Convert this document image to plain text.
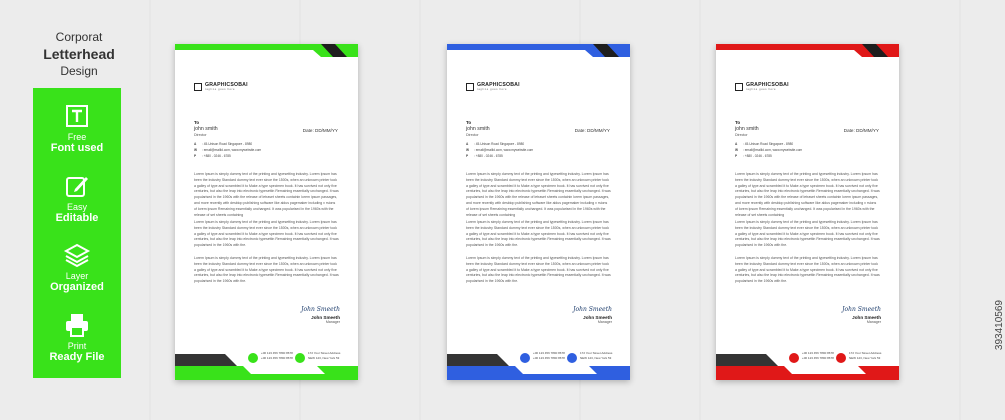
Corporat
Letterhead
Design
Free
Font used
Easy
Editable
Layer
Organized
Print
Ready File
393410569
GRAPHICSOBAI
tagline goes here
To
john smith
Director
Date: DD/MM/YY
A : 45-Unison Road Singapore - 8980
W : email@mailid.com, www.mywebsite.com
P : +880 - 0246 - 6785
Lorem Ipsum is simply dummy text of the printing and typesetting industry. Lorem Ipsum has been the industry Standard dummy text ever since the 1500s, when an unknown printer took a galley of type and scrambled it to Make a type specimen book. It has survived not only five centuries, but also the leap into electronic typesettin Remaining essentially unchanged. It was popularised in the 1960s with the release of letraset sheets containin lorem ipsum passages, and more recently with desktop publishing software like aldus pagemaker including v rsions of lorem ipsum Remaining essentially unchanged. It was popularised in the 1960s with the release of set sheets containing
Lorem Ipsum is simply dummy text of the printing and typesetting industry. Lorem Ipsum has been the industry Standard dummy text ever since the 1500s, when an unknown printer took a galley of type and scrambled it to Make a type specimen book. It has survived not only five centuries, but also the leap into electronic typesettin Remaining essentially unchanged. It was popularised in the 1960s with the.
Lorem Ipsum is simply dummy text of the printing and typesetting industry. Lorem Ipsum has been the industry Standard dummy text ever since the 1500s, when an unknown printer took a galley of type and scrambled it to Make a type specimen book. It has survived not only five centuries, but also the leap into electronic typesettin Remaining essentially unchanged. It was popularised in the 1960s with the.
John Smeeth
John Smeeth
Manager
+00 123 456 7890 8678
+00 123 456 7890 8678
172 Your Street Address
NEW 123, New York 53
GRAPHICSOBAI
tagline goes here
To
john smith
Director
Date: DD/MM/YY
A : 45-Unison Road Singapore - 8980
W : email@mailid.com, www.mywebsite.com
P : +880 - 0246 - 6785
Lorem Ipsum is simply dummy text of the printing and typesetting industry. Lorem Ipsum has been the industry Standard dummy text ever since the 1500s, when an unknown printer took a galley of type and scrambled it to Make a type specimen book. It has survived not only five centuries, but also the leap into electronic typesettin Remaining essentially unchanged. It was popularised in the 1960s with the release of letraset sheets containin lorem ipsum passages, and more recently with desktop publishing software like aldus pagemaker including v rsions of lorem ipsum Remaining essentially unchanged. It was popularised in the 1960s with the release of set sheets containing
Lorem Ipsum is simply dummy text of the printing and typesetting industry. Lorem Ipsum has been the industry Standard dummy text ever since the 1500s, when an unknown printer took a galley of type and scrambled it to Make a type specimen book. It has survived not only five centuries, but also the leap into electronic typesettin Remaining essentially unchanged. It was popularised in the 1960s with the.
Lorem Ipsum is simply dummy text of the printing and typesetting industry. Lorem Ipsum has been the industry Standard dummy text ever since the 1500s, when an unknown printer took a galley of type and scrambled it to Make a type specimen book. It has survived not only five centuries, but also the leap into electronic typesettin Remaining essentially unchanged. It was popularised in the 1960s with the.
John Smeeth
John Smeeth
Manager
+00 123 456 7890 8678
+00 123 456 7890 8678
172 Your Street Address
NEW 123, New York 53
GRAPHICSOBAI
tagline goes here
To
john smith
Director
Date: DD/MM/YY
A : 45-Unison Road Singapore - 8980
W : email@mailid.com, www.mywebsite.com
P : +880 - 0246 - 6785
Lorem Ipsum is simply dummy text of the printing and typesetting industry. Lorem Ipsum has been the industry Standard dummy text ever since the 1500s, when an unknown printer took a galley of type and scrambled it to Make a type specimen book. It has survived not only five centuries, but also the leap into electronic typesettin Remaining essentially unchanged. It was popularised in the 1960s with the release of letraset sheets containin lorem ipsum passages, and more recently with desktop publishing software like aldus pagemaker including v rsions of lorem ipsum Remaining essentially unchanged. It was popularised in the 1960s with the release of set sheets containing
Lorem Ipsum is simply dummy text of the printing and typesetting industry. Lorem Ipsum has been the industry Standard dummy text ever since the 1500s, when an unknown printer took a galley of type and scrambled it to Make a type specimen book. It has survived not only five centuries, but also the leap into electronic typesettin Remaining essentially unchanged. It was popularised in the 1960s with the.
Lorem Ipsum is simply dummy text of the printing and typesetting industry. Lorem Ipsum has been the industry Standard dummy text ever since the 1500s, when an unknown printer took a galley of type and scrambled it to Make a type specimen book. It has survived not only five centuries, but also the leap into electronic typesettin Remaining essentially unchanged. It was popularised in the 1960s with the.
John Smeeth
John Smeeth
Manager
+00 123 456 7890 8678
+00 123 456 7890 8678
172 Your Street Address
NEW 123, New York 53
